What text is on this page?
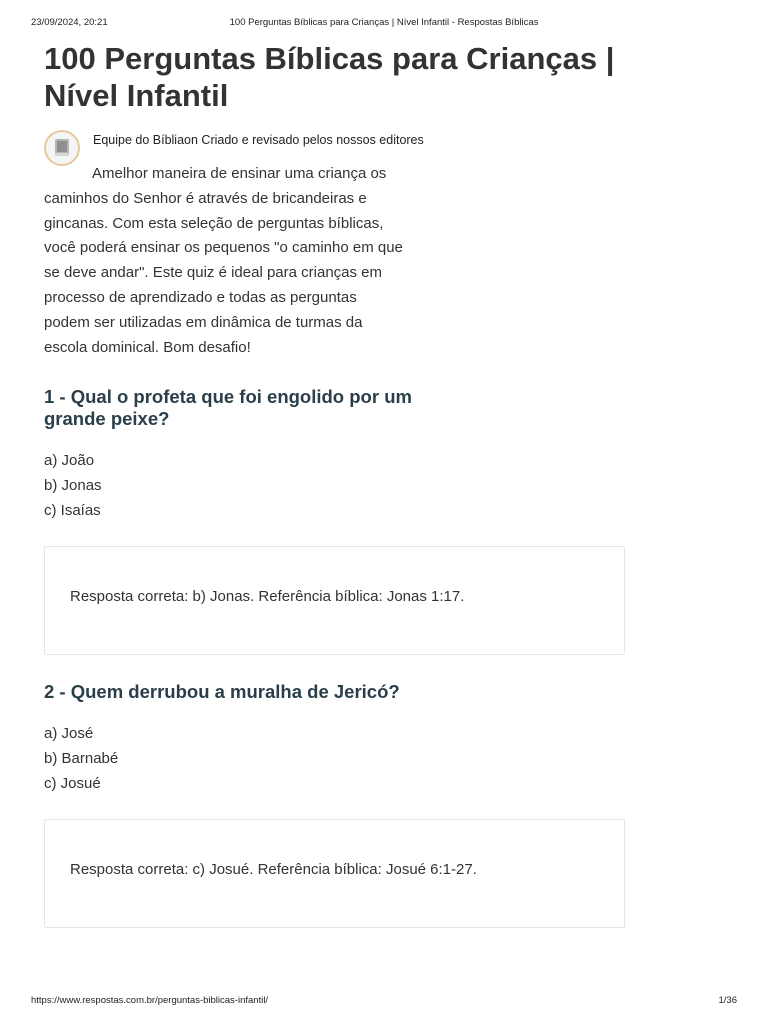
23/09/2024, 20:21	100 Perguntas Bíblicas para Crianças | Nível Infantil - Respostas Bíblicas
100 Perguntas Bíblicas para Crianças | Nível Infantil
Equipe do Bíbliaon Criado e revisado pelos nossos editores

Amelhor maneira de ensinar uma criança os caminhos do Senhor é através de bricandeiras e gincanas. Com esta seleção de perguntas bíblicas, você poderá ensinar os pequenos "o caminho em que se deve andar". Este quiz é ideal para crianças em processo de aprendizado e todas as perguntas podem ser utilizadas em dinâmica de turmas da escola dominical. Bom desafio!

1 - Qual o profeta que foi engolido por um grande peixe?
a) João
b) Jonas
c) Isaías
Resposta correta: b) Jonas. Referência bíblica: Jonas 1:17.
2 - Quem derrubou a muralha de Jericó?
a) José
b) Barnabé
c) Josué
Resposta correta: c) Josué. Referência bíblica: Josué 6:1-27.
https://www.respostas.com.br/perguntas-biblicas-infantil/	1/36
